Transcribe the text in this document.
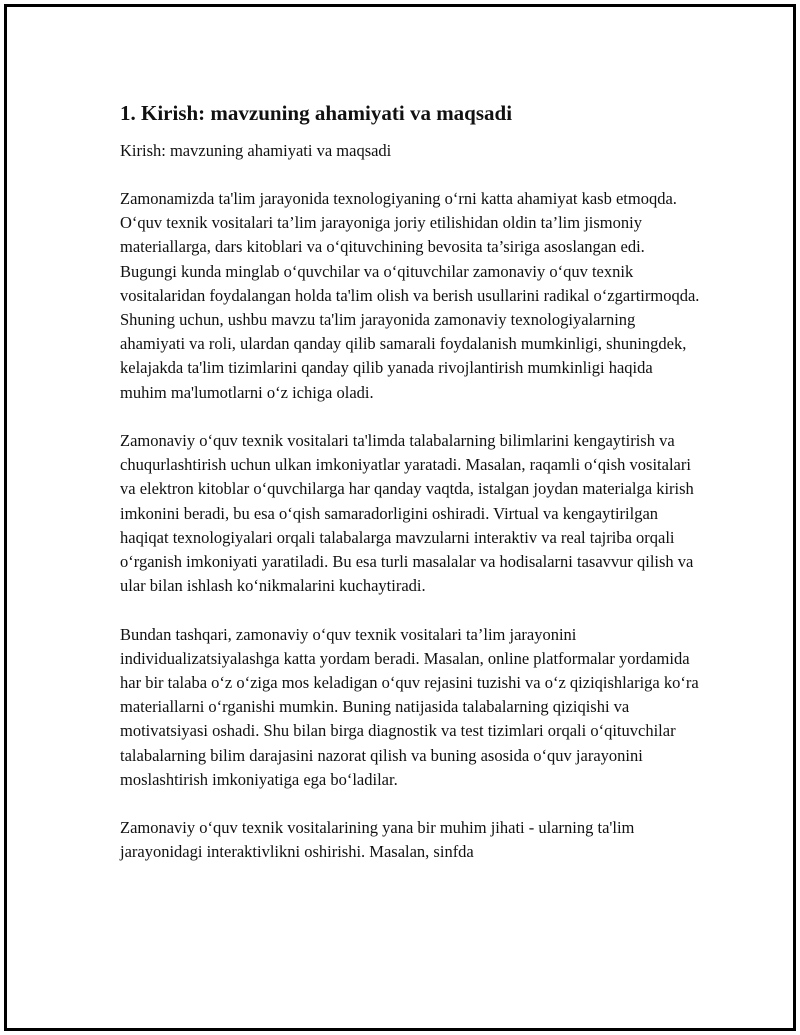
1. Kirish: mavzuning ahamiyati va maqsadi

Kirish: mavzuning ahamiyati va maqsadi

Zamonamizda ta'lim jarayonida texnologiyaning o‘rni katta ahamiyat kasb etmoqda. O‘quv texnik vositalari ta’lim jarayoniga joriy etilishidan oldin ta’lim jismoniy materiallarga, dars kitoblari va o‘qituvchining bevosita ta’siriga asoslangan edi. Bugungi kunda minglab o‘quvchilar va o‘qituvchilar zamonaviy o‘quv texnik vositalaridan foydalangan holda ta'lim olish va berish usullarini radikal o‘zgartirmoqda. Shuning uchun, ushbu mavzu ta'lim jarayonida zamonaviy texnologiyalarning ahamiyati va roli, ulardan qanday qilib samarali foydalanish mumkinligi, shuningdek, kelajakda ta'lim tizimlarini qanday qilib yanada rivojlantirish mumkinligi haqida muhim ma'lumotlarni o‘z ichiga oladi.

Zamonaviy o‘quv texnik vositalari ta'limda talabalarning bilimlarini kengaytirish va chuqurlashtirish uchun ulkan imkoniyatlar yaratadi. Masalan, raqamli o‘qish vositalari va elektron kitoblar o‘quvchilarga har qanday vaqtda, istalgan joydan materialga kirish imkonini beradi, bu esa o‘qish samaradorligini oshiradi. Virtual va kengaytirilgan haqiqat texnologiyalari orqali talabalarga mavzularni interaktiv va real tajriba orqali o‘rganish imkoniyati yaratiladi. Bu esa turli masalalar va hodisalarni tasavvur qilish va ular bilan ishlash ko‘nikmalarini kuchaytiradi.

Bundan tashqari, zamonaviy o‘quv texnik vositalari ta’lim jarayonini individualizatsiyalashga katta yordam beradi. Masalan, online platformalar yordamida har bir talaba o‘z o‘ziga mos keladigan o‘quv rejasini tuzishi va o‘z qiziqishlariga ko‘ra materiallarni o‘rganishi mumkin. Buning natijasida talabalarning qiziqishi va motivatsiyasi oshadi. Shu bilan birga diagnostik va test tizimlari orqali o‘qituvchilar talabalarning bilim darajasini nazorat qilish va buning asosida o‘quv jarayonini moslashtirish imkoniyatiga ega bo‘ladilar.

Zamonaviy o‘quv texnik vositalarining yana bir muhim jihati - ularning ta'lim jarayonidagi interaktivlikni oshirishi. Masalan, sinfda
